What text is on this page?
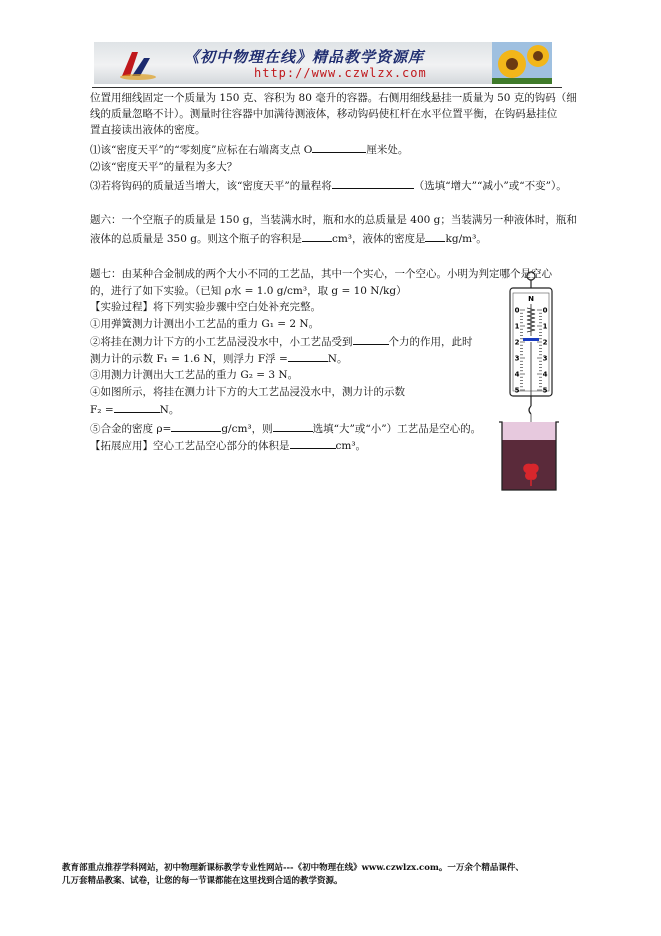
《初中物理在线》精品教学资源库
http://www.czwlzx.com
位置用细线固定一个质量为 150 克、容积为 80 毫升的容器。右侧用细线悬挂一质量为 50 克的钩码（细
线的质量忽略不计）。测量时往容器中加满待测液体，移动钩码使杠杆在水平位置平衡，在钩码悬挂位
置直接读出液体的密度。
⑴该“密度天平”的“零刻度”应标在右端离支点 O	厘米处。
⑵该“密度天平”的量程为多大？
⑶若将钩码的质量适当增大，该“密度天平”的量程将	（选填“增大”“减小”或“不变”）。
题六：一个空瓶子的质量是 150 g，当装满水时，瓶和水的总质量是 400 g；当装满另一种液体时，瓶和
液体的总质量是 350 g。则这个瓶子的容积是	cm³，液体的密度是 kg/m³。
题七：由某种合金制成的两个大小不同的工艺品，其中一个实心，一个空心。小明为判定哪个是空心
的，进行了如下实验。（已知 ρ水 = 1.0 g/cm³，取 g = 10 N/kg）
【实验过程】将下列实验步骤中空白处补充完整。
①用弹簧测力计测出小工艺品的重力 G₁ = 2 N。
②将挂在测力计下方的小工艺品浸没水中，小工艺品受到	个力的作用，此时
测力计的示数 F₁ = 1.6 N，则浮力 F浮 =	N。
③用测力计测出大工艺品的重力 G₂ = 3 N。
④如图所示，将挂在测力计下方的大工艺品浸没水中，测力计的示数
F₂ =	N。
⑤合金的密度 ρ=	g/cm³，则	选填“大”或“小”）工艺品是空心的。
【拓展应用】空心工艺品空心部分的体积是	cm³。
N
0
1
2
3
4
5
0
1
2
3
4
5
教育部重点推荐学科网站，初中物理新课标教学专业性网站---《初中物理在线》www.czwlzx.com。一万余个精品课件、
几万套精品教案、试卷，让您的每一节课都能在这里找到合适的教学资源。
